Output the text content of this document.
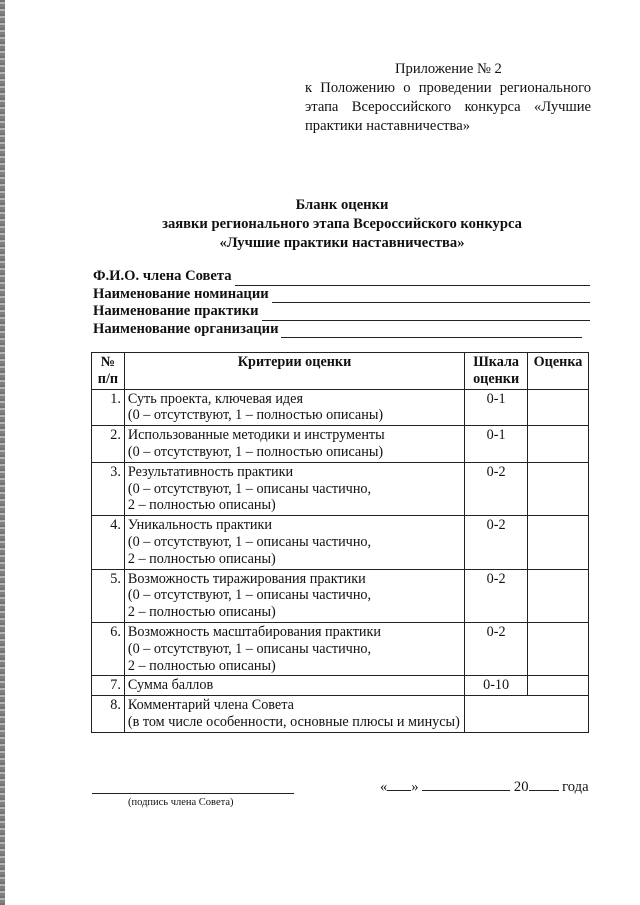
Приложение № 2
к Положению о проведении регионального этапа Всероссийского конкурса «Лучшие практики наставничества»
Бланк оценки
заявки регионального этапа Всероссийского конкурса
«Лучшие практики наставничества»
Ф.И.О. члена Совета
Наименование номинации
Наименование практики
Наименование организации
№ п/п	Критерии оценки	Шкала оценки	Оценка
1.	Суть проекта, ключевая идея
(0 – отсутствуют, 1 – полностью описаны)	0-1	
2.	Использованные методики и инструменты
(0 – отсутствуют, 1 – полностью описаны)	0-1	
3.	Результативность практики
(0 – отсутствуют, 1 – описаны частично,
2 – полностью описаны)	0-2	
4.	Уникальность практики
(0 – отсутствуют, 1 – описаны частично,
2 – полностью описаны)	0-2	
5.	Возможность тиражирования практики
(0 – отсутствуют, 1 – описаны частично,
2 – полностью описаны)	0-2	
6.	Возможность масштабирования практики
(0 – отсутствуют, 1 – описаны частично,
2 – полностью описаны)	0-2	
7.	Сумма баллов	0-10	
8.	Комментарий члена Совета
(в том числе особенности, основные плюсы и минусы)		

(подпись члена Совета)
« »	20 года
